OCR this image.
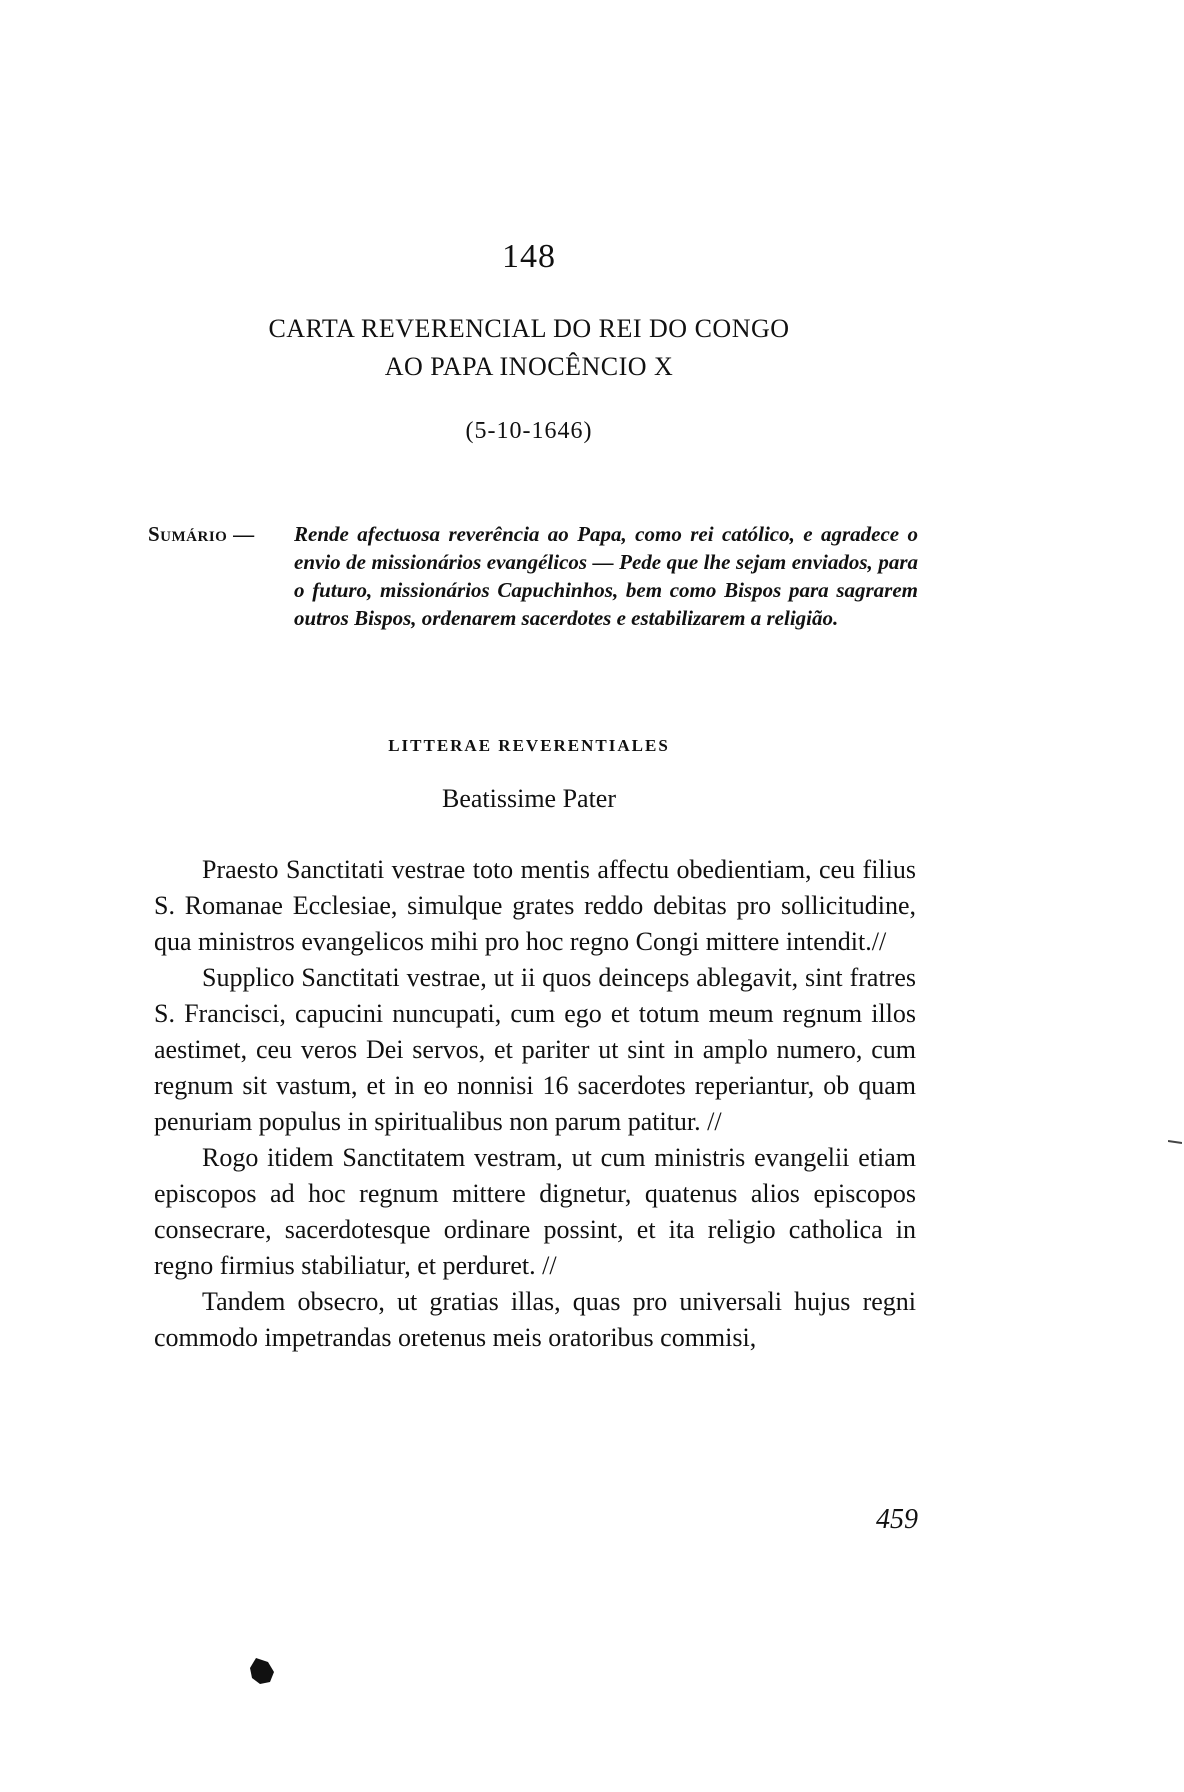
148
CARTA REVERENCIAL DO REI DO CONGO
AO PAPA INOCÊNCIO X
(5-10-1646)
Sumário — Rende afectuosa reverência ao Papa, como rei católico, e agradece o envio de missionários evangélicos — Pede que lhe sejam enviados, para o futuro, missionários Capuchinhos, bem como Bispos para sagrarem outros Bispos, ordenarem sacerdotes e estabilizarem a religião.
LITTERAE REVERENTIALES
Beatissime Pater

Praesto Sanctitati vestrae toto mentis affectu obedientiam, ceu filius S. Romanae Ecclesiae, simulque grates reddo debitas pro sollicitudine, qua ministros evangelicos mihi pro hoc regno Congi mittere intendit.//

Supplico Sanctitati vestrae, ut ii quos deinceps ablegavit, sint fratres S. Francisci, capucini nuncupati, cum ego et totum meum regnum illos aestimet, ceu veros Dei servos, et pariter ut sint in amplo numero, cum regnum sit vastum, et in eo nonnisi 16 sacerdotes reperiantur, ob quam penuriam populus in spiritualibus non parum patitur. //

Rogo itidem Sanctitatem vestram, ut cum ministris evangelii etiam episcopos ad hoc regnum mittere dignetur, quatenus alios episcopos consecrare, sacerdotesque ordinare possint, et ita religio catholica in regno firmius stabiliatur, et perduret. //

Tandem obsecro, ut gratias illas, quas pro universali hujus regni commodo impetrandas oretenus meis oratoribus commisi,

459
